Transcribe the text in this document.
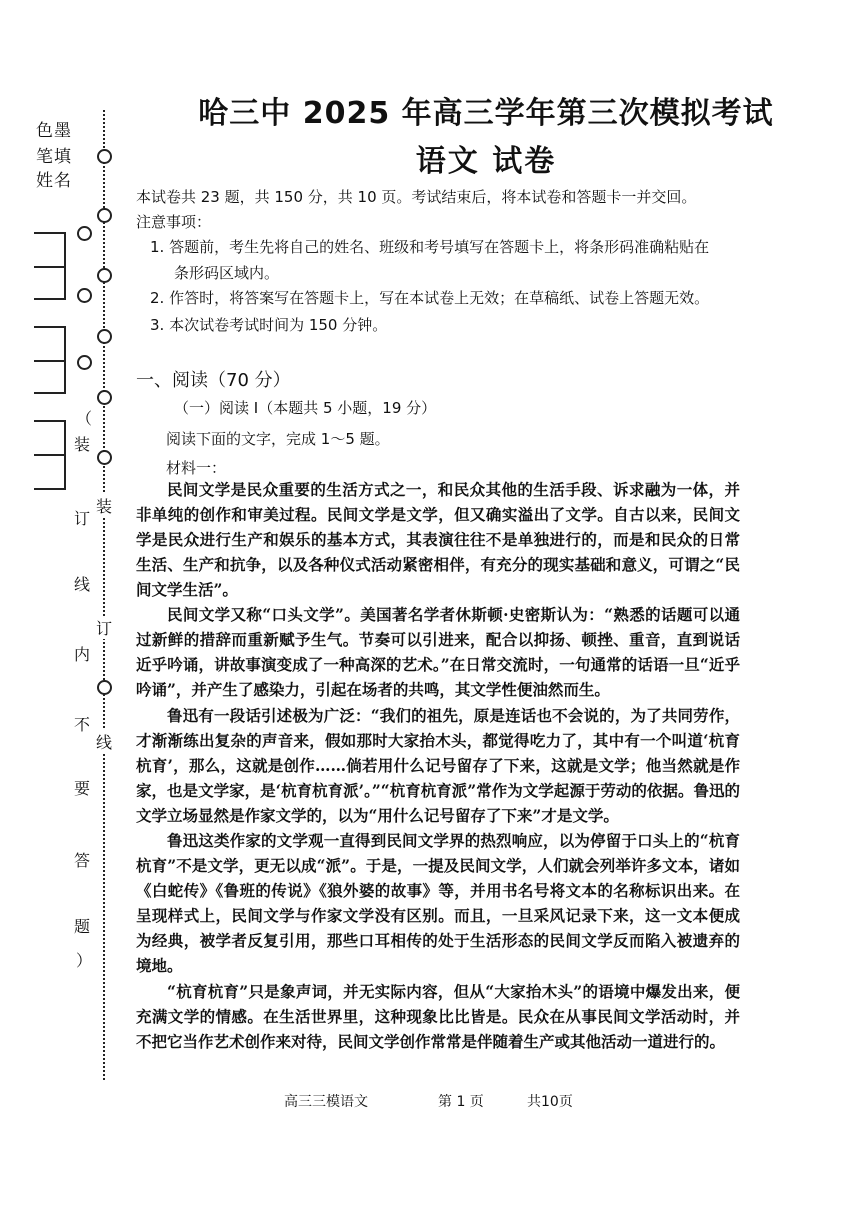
色墨
笔填
姓名
（
装
订
线
内
不
要
答
题
）
装
订
线
哈三中 2025 年高三学年第三次模拟考试
语文 试卷
本试卷共 23 题，共 150 分，共 10 页。考试结束后，将本试卷和答题卡一并交回。
注意事项：
1. 答题前，考生先将自己的姓名、班级和考号填写在答题卡上，将条形码准确粘贴在
条形码区域内。
2. 作答时，将答案写在答题卡上，写在本试卷上无效；在草稿纸、试卷上答题无效。
3. 本次试卷考试时间为 150 分钟。
一、阅读（70 分）
（一）阅读 I（本题共 5 小题，19 分）
阅读下面的文字，完成 1～5 题。
材料一：
民间文学是民众重要的生活方式之一，和民众其他的生活手段、诉求融为一体，并非单纯的创作和审美过程。民间文学是文学，但又确实溢出了文学。自古以来，民间文学是民众进行生产和娱乐的基本方式，其表演往往不是单独进行的，而是和民众的日常生活、生产和抗争，以及各种仪式活动紧密相伴，有充分的现实基础和意义，可谓之“民间文学生活”。
民间文学又称“口头文学”。美国著名学者休斯顿·史密斯认为：“熟悉的话题可以通过新鲜的措辞而重新赋予生气。节奏可以引进来，配合以抑扬、顿挫、重音，直到说话近乎吟诵，讲故事演变成了一种高深的艺术。”在日常交流时，一句通常的话语一旦“近乎吟诵”，并产生了感染力，引起在场者的共鸣，其文学性便油然而生。
鲁迅有一段话引述极为广泛：“我们的祖先，原是连话也不会说的，为了共同劳作，才渐渐练出复杂的声音来，假如那时大家抬木头，都觉得吃力了，其中有一个叫道‘杭育杭育’，那么，这就是创作……倘若用什么记号留存了下来，这就是文学；他当然就是作家，也是文学家，是‘杭育杭育派’。”“杭育杭育派”常作为文学起源于劳动的依据。鲁迅的文学立场显然是作家文学的，以为“用什么记号留存了下来”才是文学。
鲁迅这类作家的文学观一直得到民间文学界的热烈响应，以为停留于口头上的“杭育杭育”不是文学，更无以成“派”。于是，一提及民间文学，人们就会列举许多文本，诸如《白蛇传》《鲁班的传说》《狼外婆的故事》等，并用书名号将文本的名称标识出来。在呈现样式上，民间文学与作家文学没有区别。而且，一旦采风记录下来，这一文本便成为经典，被学者反复引用，那些口耳相传的处于生活形态的民间文学反而陷入被遗弃的境地。
“杭育杭育”只是象声词，并无实际内容，但从“大家抬木头”的语境中爆发出来，便充满文学的情感。在生活世界里，这种现象比比皆是。民众在从事民间文学活动时，并不把它当作艺术创作来对待，民间文学创作常常是伴随着生产或其他活动一道进行的。
高三三模语文	第 1 页	共10页
